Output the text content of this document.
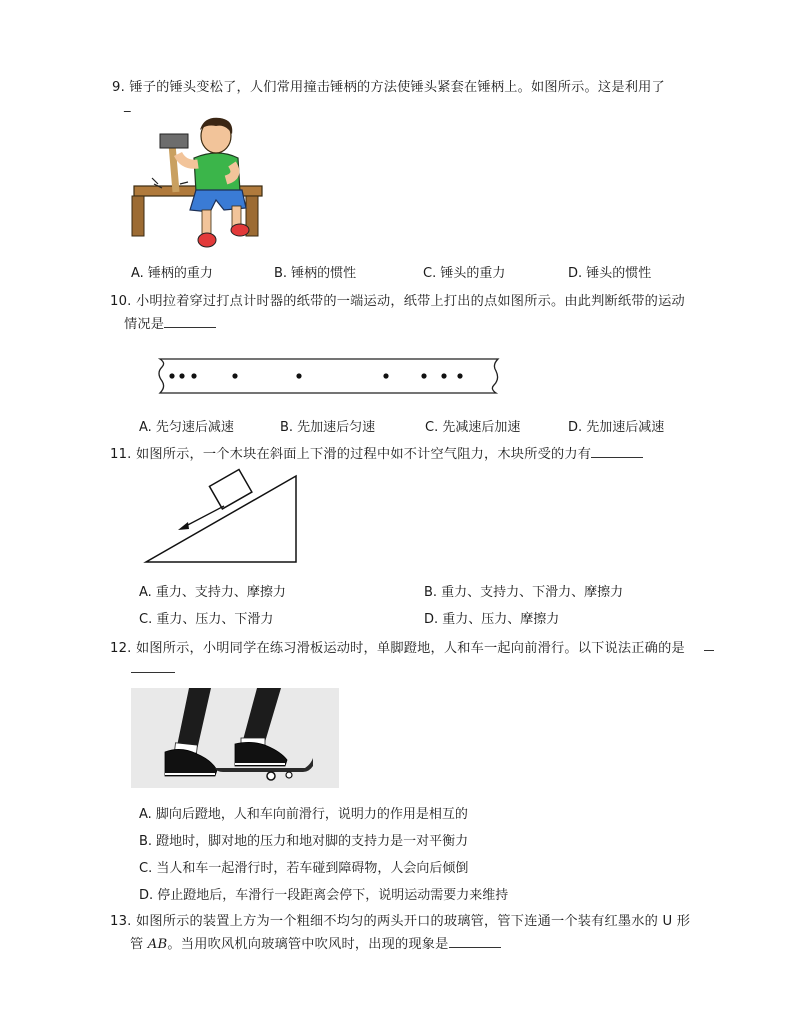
9. 锤子的锤头变松了，人们常用撞击锤柄的方法使锤头紧套在锤柄上。如图所示。这是利用了
_
A. 锤柄的重力	B. 锤柄的惯性	C. 锤头的重力	D. 锤头的惯性
10. 小明拉着穿过打点计时器的纸带的一端运动，纸带上打出的点如图所示。由此判断纸带的运动
情况是
A. 先匀速后减速	B. 先加速后匀速	C. 先减速后加速	D. 先加速后减速
11. 如图所示，一个木块在斜面上下滑的过程中如不计空气阻力，木块所受的力有
A. 重力、支持力、摩擦力	B. 重力、支持力、下滑力、摩擦力
C. 重力、压力、下滑力	D. 重力、压力、摩擦力
12. 如图所示，小明同学在练习滑板运动时，单脚蹬地，人和车一起向前滑行。以下说法正确的是
A. 脚向后蹬地，人和车向前滑行，说明力的作用是相互的
B. 蹬地时，脚对地的压力和地对脚的支持力是一对平衡力
C. 当人和车一起滑行时，若车碰到障碍物，人会向后倾倒
D. 停止蹬地后，车滑行一段距离会停下，说明运动需要力来维持
13. 如图所示的装置上方为一个粗细不均匀的两头开口的玻璃管，管下连通一个装有红墨水的 U 形
管 AB。当用吹风机向玻璃管中吹风时，出现的现象是
